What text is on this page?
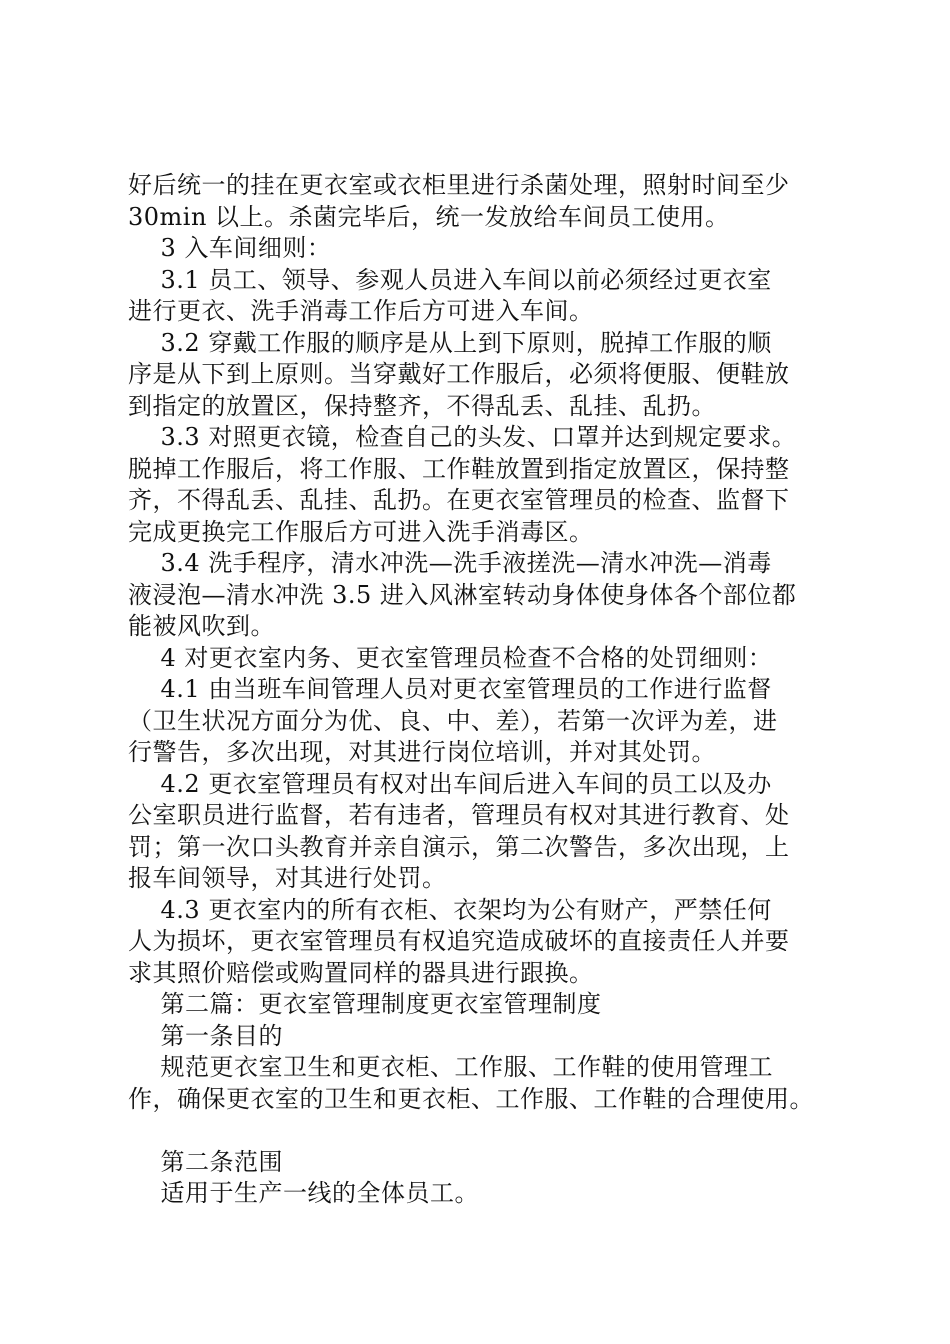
好后统一的挂在更衣室或衣柜里进行杀菌处理，照射时间至少
30min 以上。杀菌完毕后，统一发放给车间员工使用。
3 入车间细则：
3.1 员工、领导、参观人员进入车间以前必须经过更衣室
进行更衣、洗手消毒工作后方可进入车间。
3.2 穿戴工作服的顺序是从上到下原则，脱掉工作服的顺
序是从下到上原则。当穿戴好工作服后，必须将便服、便鞋放
到指定的放置区，保持整齐，不得乱丢、乱挂、乱扔。
3.3 对照更衣镜，检查自己的头发、口罩并达到规定要求。
脱掉工作服后，将工作服、工作鞋放置到指定放置区，保持整
齐，不得乱丢、乱挂、乱扔。在更衣室管理员的检查、监督下
完成更换完工作服后方可进入洗手消毒区。
3.4 洗手程序，清水冲洗—洗手液搓洗—清水冲洗—消毒
液浸泡—清水冲洗 3.5 进入风淋室转动身体使身体各个部位都
能被风吹到。
4 对更衣室内务、更衣室管理员检查不合格的处罚细则：
4.1 由当班车间管理人员对更衣室管理员的工作进行监督
（卫生状况方面分为优、良、中、差），若第一次评为差，进
行警告，多次出现，对其进行岗位培训，并对其处罚。
4.2 更衣室管理员有权对出车间后进入车间的员工以及办
公室职员进行监督，若有违者，管理员有权对其进行教育、处
罚；第一次口头教育并亲自演示，第二次警告，多次出现，上
报车间领导，对其进行处罚。
4.3 更衣室内的所有衣柜、衣架均为公有财产，严禁任何
人为损坏，更衣室管理员有权追究造成破坏的直接责任人并要
求其照价赔偿或购置同样的器具进行跟换。
第二篇：更衣室管理制度更衣室管理制度
第一条目的
规范更衣室卫生和更衣柜、工作服、工作鞋的使用管理工
作，确保更衣室的卫生和更衣柜、工作服、工作鞋的合理使用。
第二条范围
适用于生产一线的全体员工。
